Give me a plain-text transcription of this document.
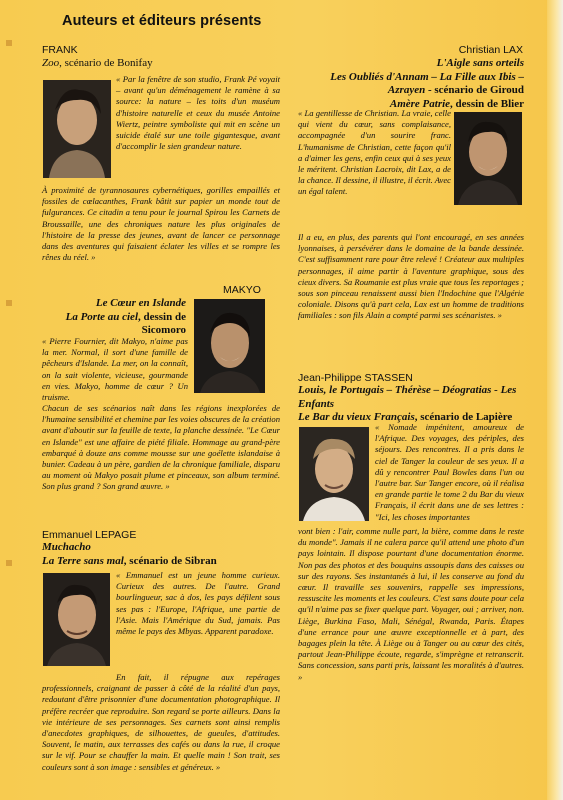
Auteurs et éditeurs présents
FRANK
Zoo, scénario de Bonifay
« Par la fenêtre de son studio, Frank Pé voyait – avant qu'un déménagement le ramène à sa source: la nature – les toits d'un muséum d'histoire naturelle et ceux du musée Antoine Wiertz, peintre symboliste qui mit en scène un suicide étalé sur une toile gigantesque, avant d'accomplir le sien grandeur nature.
À proximité de tyrannosaures cybernétiques, gorilles empaillés et fossiles de cœlacanthes, Frank bâtit sur papier un monde tout de fulgurances. Ce citadin a tenu pour le journal Spirou les Carnets de Broussaille, une des chroniques nature les plus originales de l'histoire de la presse des jeunes, avant de lancer ce personnage dans des aventures qui faisaient éclater les villes et se rompre les rênes du réel. »
MAKYO
Le Cœur en Islande
La Porte au ciel, dessin de
Sicomoro
« Pierre Fournier, dit Makyo, n'aime pas la mer. Normal, il sort d'une famille de pêcheurs d'Islande. La mer, on la connaît, on la sait violente, vicieuse, gourmande en vies. Makyo, homme de cœur ? Un truisme.
Chacun de ses scénarios naît dans les régions inexplorées de l'humaine sensibilité et chemine par les voies obscures de la création avant d'aboutir sur la feuille de texte, la planche dessinée. "Le Cœur en Islande" est une affaire de piété filiale. Hommage au grand-père embarqué à douze ans comme mousse sur une goélette islandaise à bunier. Cadeau à un père, gardien de la chronique familiale, disparu au moment où Makyo posait plume et pinceaux, son album terminé. Son plus grand ? Son grand œuvre. »
Emmanuel LEPAGE
Muchacho
La Terre sans mal, scénario de Sibran
« Emmanuel est un jeune homme curieux. Curieux des autres. De l'autre. Grand bourlingueur, sac à dos, les pays défilent sous ses pas : l'Europe, l'Afrique, une partie de l'Asie. Mais l'Amérique du Sud, jamais. Pas même le pays des Mbyas. Apparent paradoxe.
En fait, il répugne aux repérages professionnels, craignant de passer à côté de la réalité d'un pays, redoutant d'être prisonnier d'une documentation photographique. Il préfère recréer que reproduire. Son regard se porte ailleurs. Dans la vie intérieure de ses personnages. Ses carnets sont ainsi remplis d'anecdotes graphiques, de silhouettes, de gueules, d'attitudes. Souvent, le matin, aux terrasses des cafés ou dans la rue, il croque sur le vif. Pour se chauffer la main. Et quelle main ! Son trait, ses couleurs sont à son image : sensibles et généreux. »
Christian LAX
L'Aigle sans orteils
Les Oubliés d'Annam – La Fille aux Ibis –
Azrayen - scénario de Giroud
Amère Patrie, dessin de Blier
« La gentillesse de Christian. La vraie, celle qui vient du cœur, sans complaisance, accompagnée d'un sourire franc. L'humanisme de Christian, cette façon qu'il a d'aimer les gens, enfin ceux qui à ses yeux le méritent. Christian Lacroix, dit Lax, a de la chance. Il dessine, il illustre, il écrit. Avec un égal talent.
Il a eu, en plus, des parents qui l'ont encouragé, en ses années lyonnaises, à persévérer dans le domaine de la bande dessinée. C'est suffisamment rare pour être relevé ! Créateur aux multiples personnages, il aime partir à l'aventure graphique, sous des cieux divers. Sa Roumanie est plus vraie que tous les reportages ; sous son pinceau renaissent aussi bien l'Indochine que l'Algérie coloniale. Disons qu'à part cela, Lax est un homme de traditions familiales : son fils Alain a compté parmi ses scénaristes. »
Jean-Philippe STASSEN
Louis, le Portugais – Thérèse – Déogratias - Les Enfants
Le Bar du vieux Français, scénario de Lapière
« Nomade impénitent, amoureux de l'Afrique. Des voyages, des périples, des séjours. Des rencontres. Il a pris dans le ciel de Tanger la couleur de ses yeux. Il a dû y rencontrer Paul Bowles dans l'un ou l'autre bar. Sur Tanger encore, où il réalisa en grande partie le tome 2 du Bar du vieux Français, il écrit dans une de ses lettres : "Ici, les choses importantes
vont bien : l'air, comme nulle part, la bière, comme dans le reste du monde". Jamais il ne calera parce qu'il attend une photo d'un pays lointain. Il dispose pourtant d'une documentation énorme. Non pas des photos et des bouquins assoupis dans des caisses ou sur des rayons. Ses instantanés à lui, il les conserve au fond du cœur. Il travaille ses souvenirs, rappelle ses impressions, ressuscite les moments et les couleurs. C'est sans doute pour cela qu'il n'aime pas se fixer quelque part. Voyager, oui ; arriver, non. Liège, Burkina Faso, Mali, Sénégal, Rwanda, Paris. Étapes d'une errance pour une œuvre exceptionnelle et à part, des bagages plein la tête. À Liège ou à Tanger ou au cœur des cités, partout Jean-Philippe écoute, regarde, s'imprègne et retranscrit. Sans concession, sans parti pris, laissant les moralités à d'autres. »
